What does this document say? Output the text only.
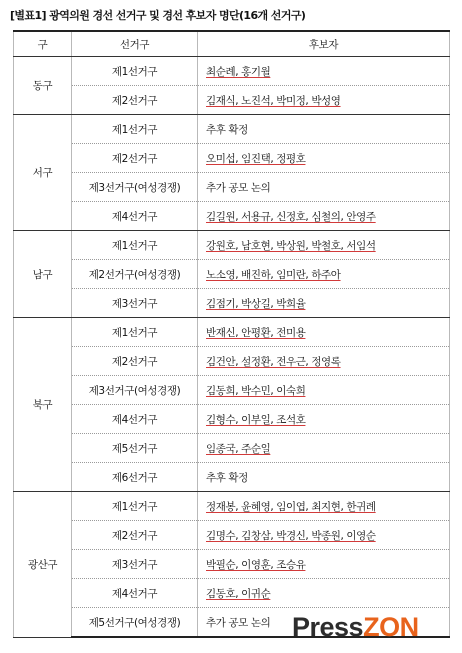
[별표1] 광역의원 경선 선거구 및 경선 후보자 명단(16개 선거구)
구	선거구	후보자
동구	제1선거구	최순례, 홍기월
	제2선거구	김재식, 노진석, 박미정, 박성영
서구	제1선거구	추후 확정
	제2선거구	오미섭, 임진택, 정평호
	제3선거구(여성경쟁)	추가 공모 논의
	제4선거구	김길원, 서용규, 신정호, 심철의, 안영주
남구	제1선거구	강원호, 남호현, 박상원, 박철호, 서임석
	제2선거구(여성경쟁)	노소영, 배진하, 임미란, 하주아
	제3선거구	김점기, 박상길, 박희율
북구	제1선거구	반재신, 안평환, 전미용
	제2선거구	김건안, 설정환, 전우근, 정영록
	제3선거구(여성경쟁)	김동희, 박수민, 이숙희
	제4선거구	김형수, 이부일, 조석호
	제5선거구	임종국, 주순일
	제6선거구	추후 확정
광산구	제1선거구	정재봉, 윤혜영, 임이엽, 최지현, 한귀례
	제2선거구	김명수, 김창삼, 박경신, 박종원, 이영순
	제3선거구	박필순, 이영훈, 조승유
	제4선거구	김동호, 이귀순
	제5선거구(여성경쟁)	추가 공모 논의 PressZON
